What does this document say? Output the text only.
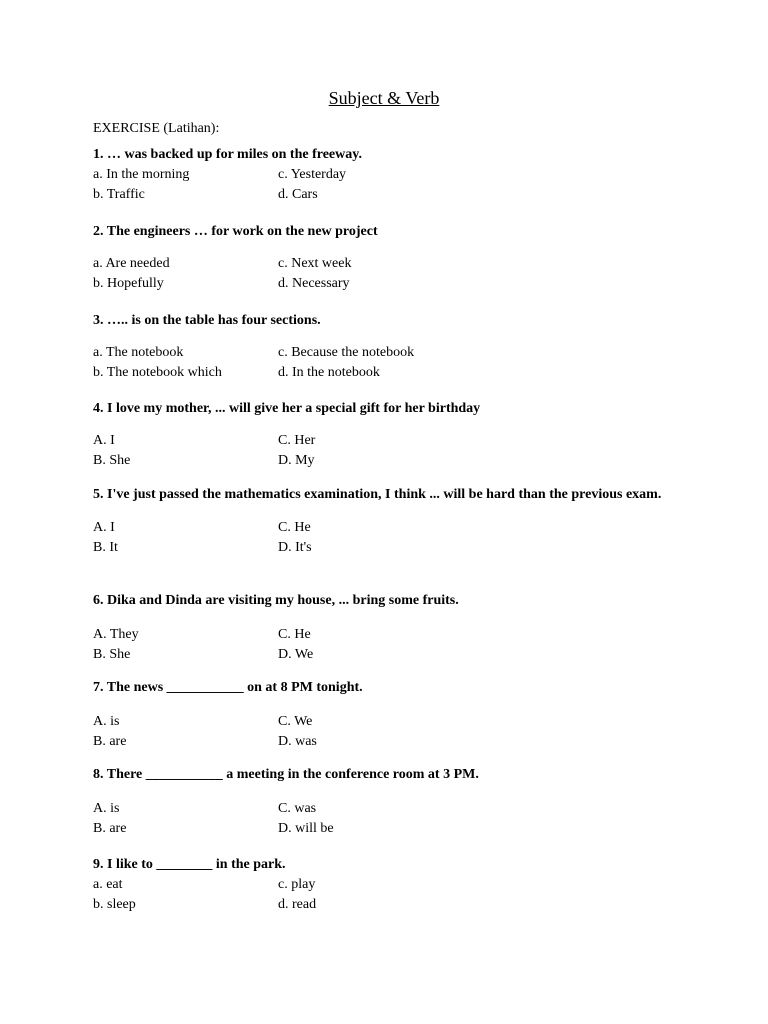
Subject & Verb

EXERCISE (Latihan):

1. … was backed up for miles on the freeway.

a. In the morning	c. Yesterday
b. Traffic	d. Cars

2. The engineers … for work on the new project

a. Are needed	c. Next week
b. Hopefully	d. Necessary

3. ….. is on the table has four sections.

a. The notebook	c. Because the notebook
b. The notebook which	d. In the notebook

4. I love my mother, ... will give her a special gift for her birthday

A. I	C. Her
B. She	D. My

5. I've just passed the mathematics examination, I think ... will be hard than the previous exam.

A. I	C. He
B. It	D. It's

6. Dika and Dinda are visiting my house, ... bring some fruits.

A. They	C. He
B. She	D. We

7. The news ___________ on at 8 PM tonight.

A. is	C. We
B. are	D. was

8. There ___________ a meeting in the conference room at 3 PM.

A. is	C. was
B. are	D. will be

9. I like to ________ in the park.

a. eat	c. play
b. sleep	d. read
